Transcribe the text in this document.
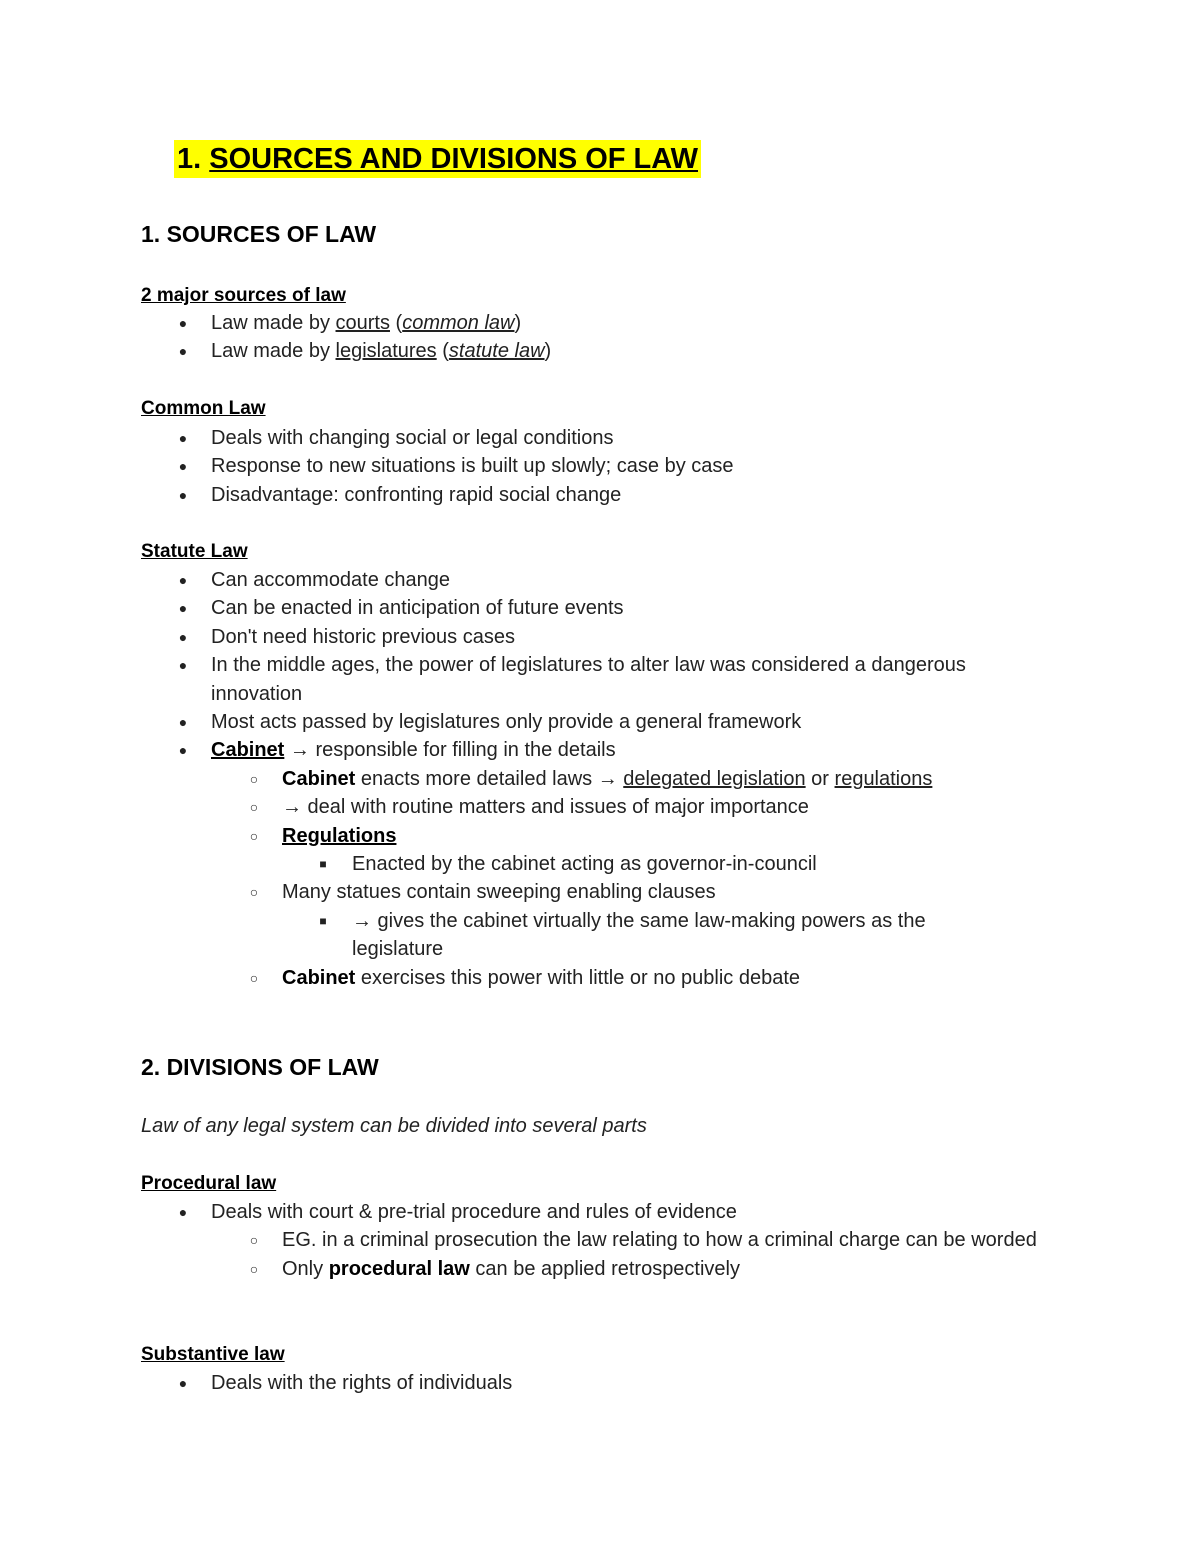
1. SOURCES AND DIVISIONS OF LAW
1. SOURCES OF LAW
2 major sources of law
● Law made by courts (common law)
● Law made by legislatures (statute law)
Common Law
● Deals with changing social or legal conditions
● Response to new situations is built up slowly; case by case
● Disadvantage: confronting rapid social change
Statute Law
● Can accommodate change
● Can be enacted in anticipation of future events
● Don't need historic previous cases
● In the middle ages, the power of legislatures to alter law was considered a dangerous innovation
● Most acts passed by legislatures only provide a general framework
● Cabinet → responsible for filling in the details
○ Cabinet enacts more detailed laws → delegated legislation or regulations
○ → deal with routine matters and issues of major importance
○ Regulations
■	Enacted by the cabinet acting as governor-in-council
○ Many statues contain sweeping enabling clauses
■	→ gives the cabinet virtually the same law-making powers as the legislature
○ Cabinet exercises this power with little or no public debate
2. DIVISIONS OF LAW
Law of any legal system can be divided into several parts
Procedural law
● Deals with court & pre-trial procedure and rules of evidence
○ EG. in a criminal prosecution the law relating to how a criminal charge can be worded
○ Only procedural law can be applied retrospectively
Substantive law
● Deals with the rights of individuals
